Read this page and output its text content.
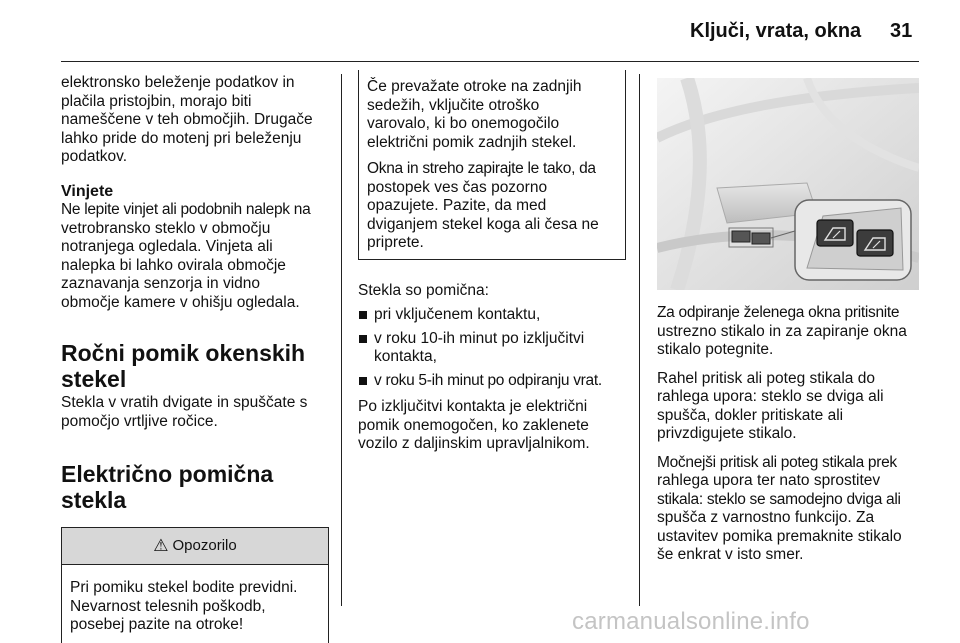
Ključi, vrata, okna 31

elektronsko beleženje podatkov in
plačila pristojbin, morajo biti
nameščene v teh območjih. Drugače
lahko pride do motenj pri beleženju
podatkov.

Vinjete

Ne lepite vinjet ali podobnih nalepk na
vetrobransko steklo v območju
notranjega ogledala. Vinjeta ali
nalepka bi lahko ovirala območje
zaznavanja senzorja in vidno
območje kamere v ohišju ogledala.

Ročni pomik okenskih
stekel

Stekla v vratih dvigate in spuščate s
pomočjo vrtljive ročice.

Električno pomična stekla
⚠ Opozorilo
Pri pomiku stekel bodite previdni.
Nevarnost telesnih poškodb,
posebej pazite na otroke!

Če prevažate otroke na zadnjih
sedežih, vključite otroško
varovalo, ki bo onemogočilo
električni pomik zadnjih stekel.

Okna in streho zapirajte le tako, da
postopek ves čas pozorno
opazujete. Pazite, da med
dviganjem stekel koga ali česa ne
priprete.

Stekla so pomična:

pri vključenem kontaktu,
v roku 10-ih minut po izključitvi
kontakta,
v roku 5-ih minut po odpiranju vrat.

Po izključitvi kontakta je električni
pomik onemogočen, ko zaklenete
vozilo z daljinskim upravljalnikom.

Za odpiranje želenega okna pritisnite
ustrezno stikalo in za zapiranje okna
stikalo potegnite.

Rahel pritisk ali poteg stikala do
rahlega upora: steklo se dviga ali
spušča, dokler pritiskate ali
privzdigujete stikalo.

Močnejši pritisk ali poteg stikala prek
rahlega upora ter nato sprostitev
stikala: steklo se samodejno dviga ali
spušča z varnostno funkcijo. Za
ustavitev pomika premaknite stikalo
še enkrat v isto smer.

carmanualsonline.info
